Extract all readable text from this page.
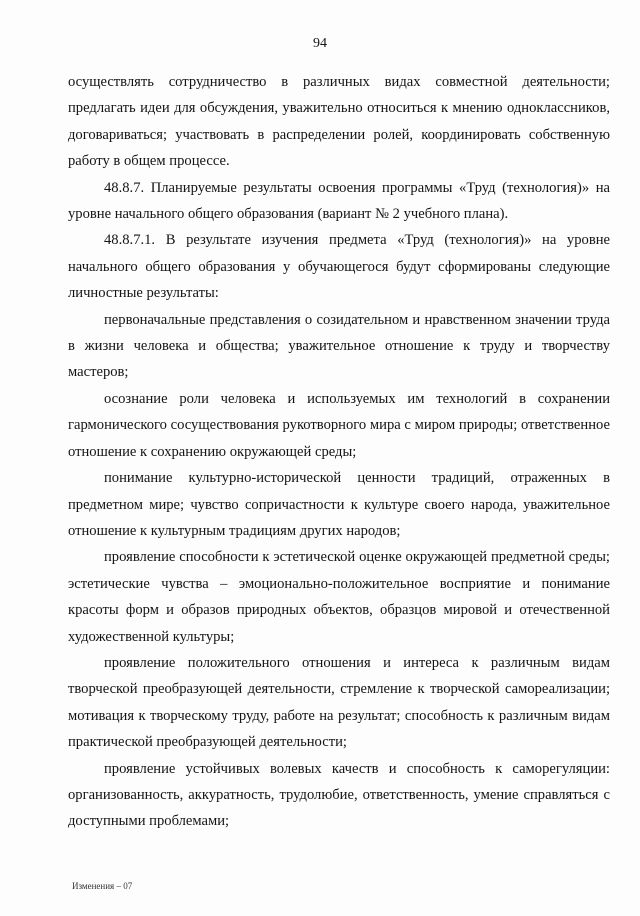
94

осуществлять сотрудничество в различных видах совместной деятельности; предлагать идеи для обсуждения, уважительно относиться к мнению одноклассников, договариваться; участвовать в распределении ролей, координировать собственную работу в общем процессе.

48.8.7. Планируемые результаты освоения программы «Труд (технология)» на уровне начального общего образования (вариант № 2 учебного плана).

48.8.7.1. В результате изучения предмета «Труд (технология)» на уровне начального общего образования у обучающегося будут сформированы следующие личностные результаты:

первоначальные представления о созидательном и нравственном значении труда в жизни человека и общества; уважительное отношение к труду и творчеству мастеров;

осознание роли человека и используемых им технологий в сохранении гармонического сосуществования рукотворного мира с миром природы; ответственное отношение к сохранению окружающей среды;

понимание культурно-исторической ценности традиций, отраженных в предметном мире; чувство сопричастности к культуре своего народа, уважительное отношение к культурным традициям других народов;

проявление способности к эстетической оценке окружающей предметной среды; эстетические чувства – эмоционально-положительное восприятие и понимание красоты форм и образов природных объектов, образцов мировой и отечественной художественной культуры;

проявление положительного отношения и интереса к различным видам творческой преобразующей деятельности, стремление к творческой самореализации; мотивация к творческому труду, работе на результат; способность к различным видам практической преобразующей деятельности;

проявление устойчивых волевых качеств и способность к саморегуляции: организованность, аккуратность, трудолюбие, ответственность, умение справляться с доступными проблемами;

Изменения – 07
